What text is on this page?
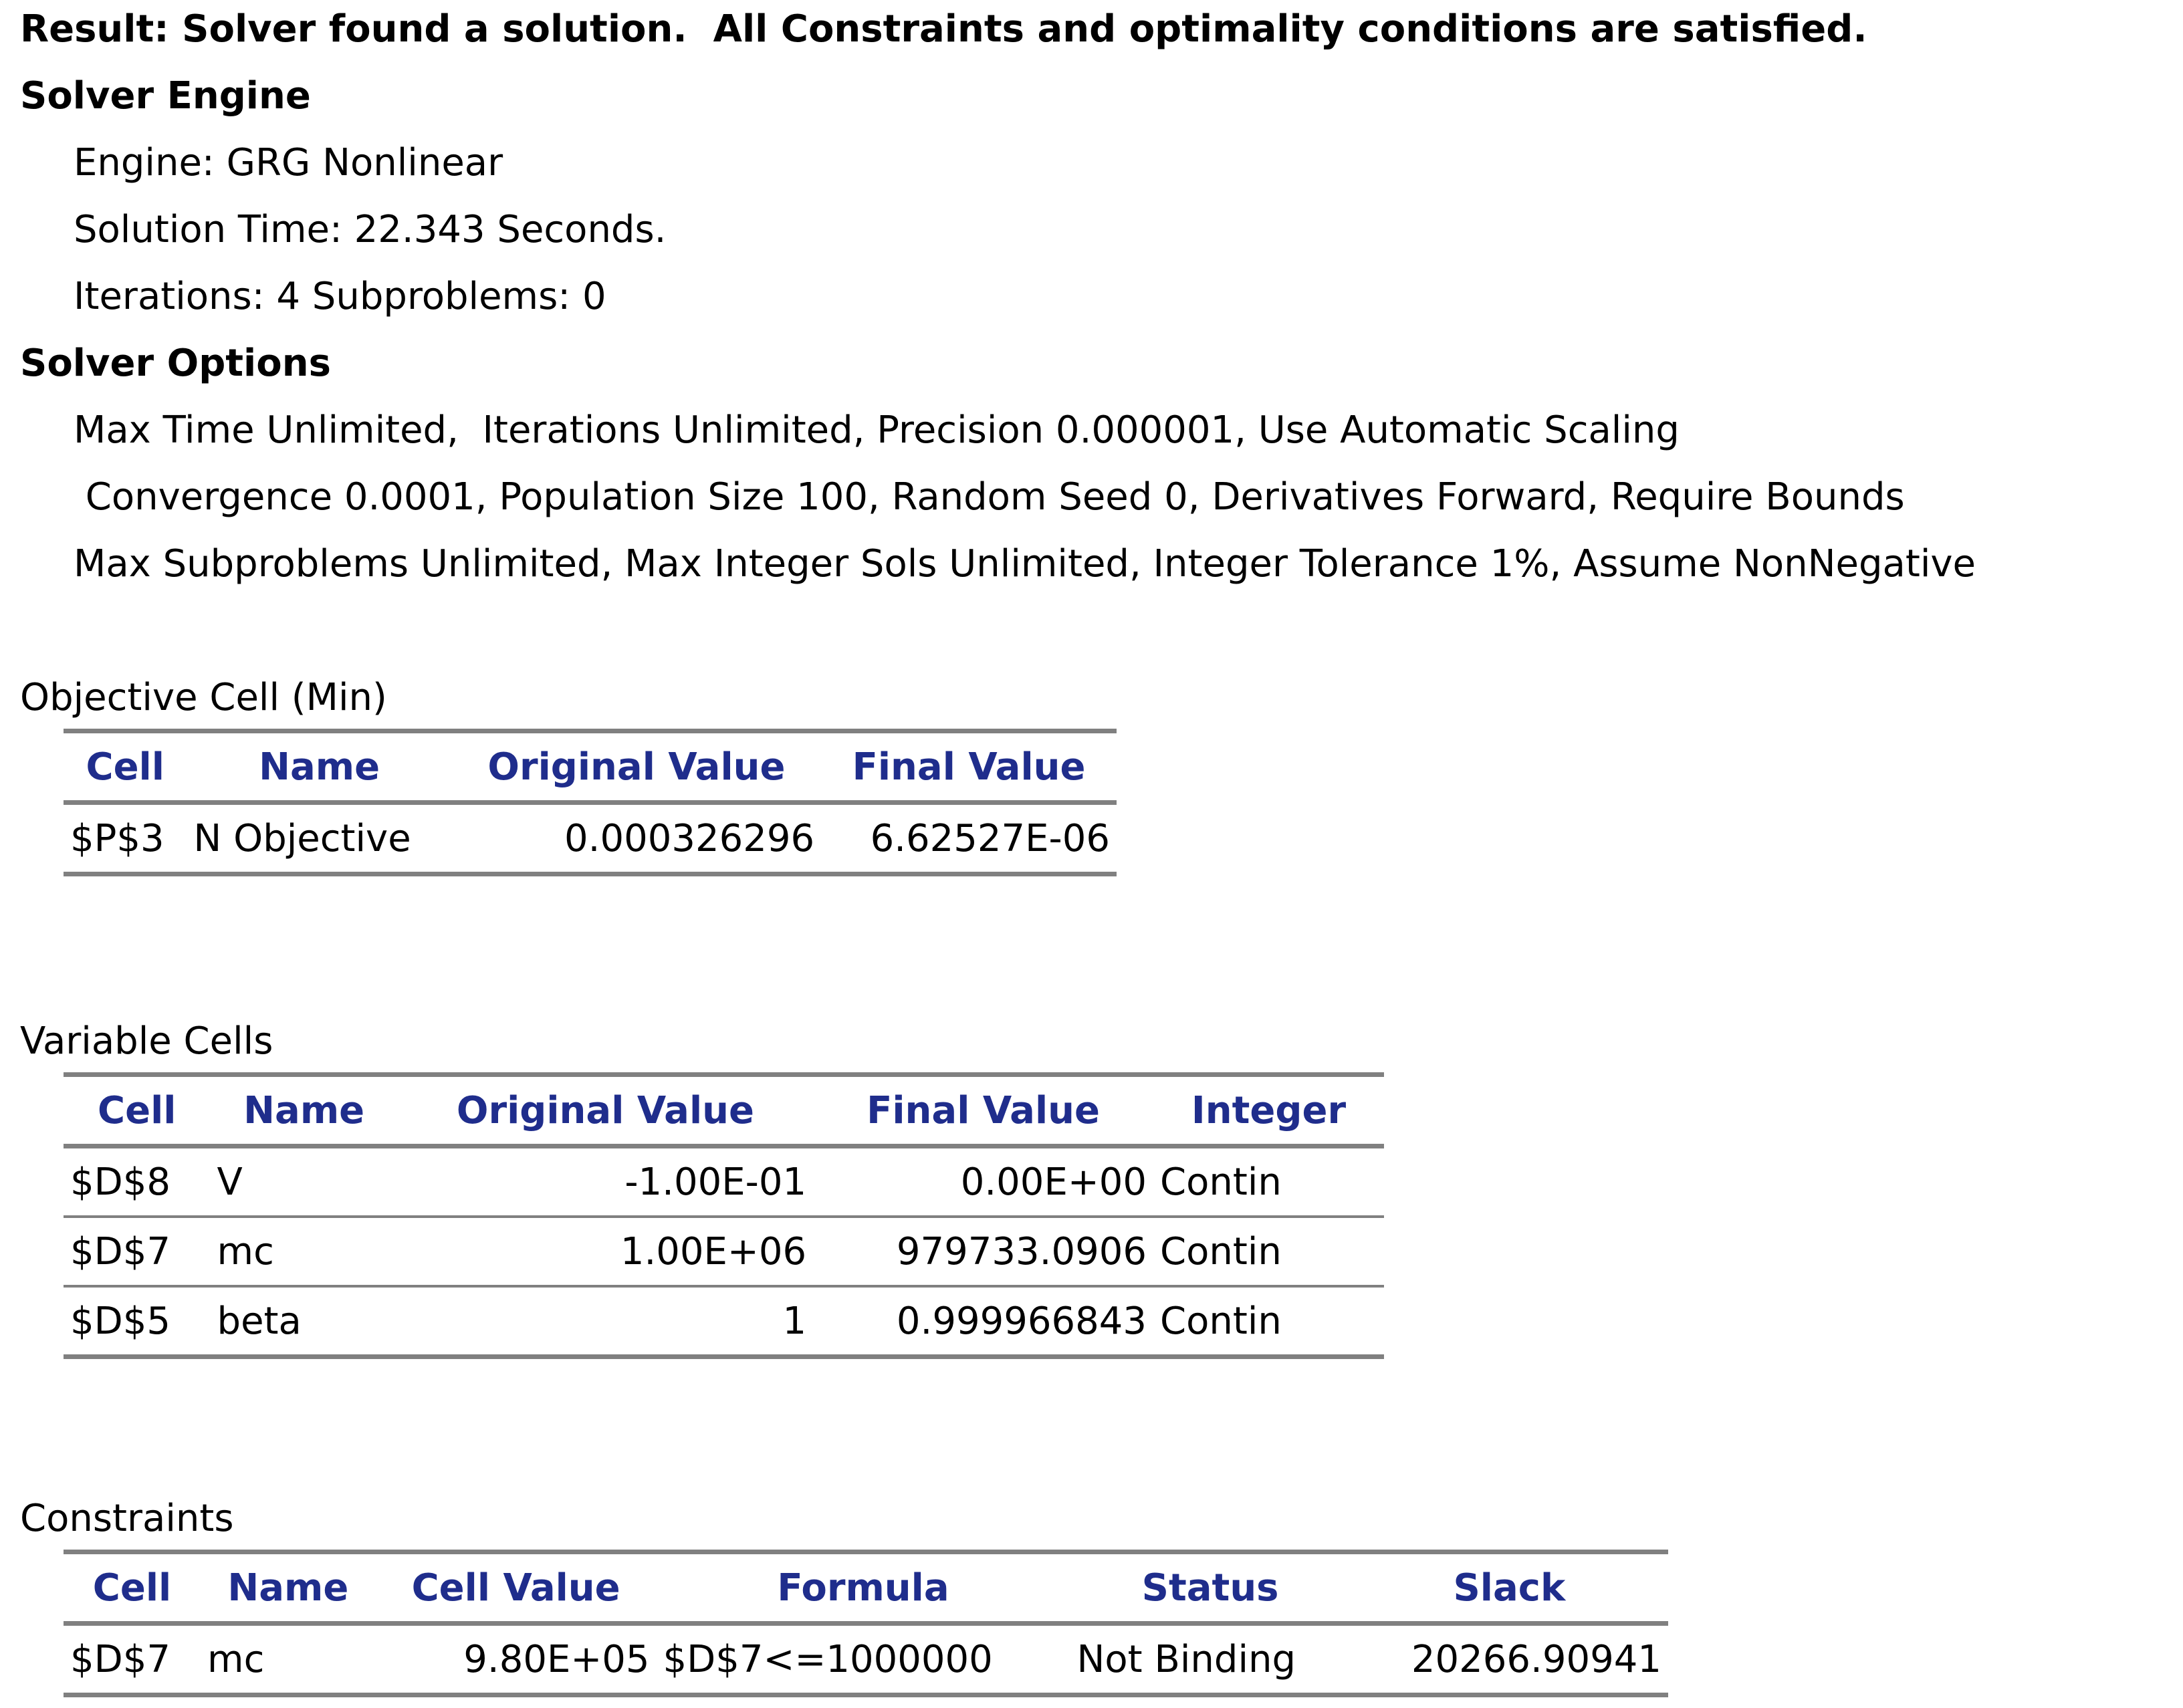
Result: Solver found a solution.  All Constraints and optimality conditions are satisfied.
Solver Engine
Engine: GRG Nonlinear
Solution Time: 22.343 Seconds.
Iterations: 4 Subproblems: 0
Solver Options
Max Time Unlimited,  Iterations Unlimited, Precision 0.000001, Use Automatic Scaling
Convergence 0.0001, Population Size 100, Random Seed 0, Derivatives Forward, Require Bounds
Max Subproblems Unlimited, Max Integer Sols Unlimited, Integer Tolerance 1%, Assume NonNegative
Objective Cell (Min)
Cell	Name	Original Value	Final Value
$P$3	N Objective	0.000326296	6.62527E-06
Variable Cells
Cell	Name	Original Value	Final Value	Integer
$D$8	V	-1.00E-01	0.00E+00	Contin
$D$7	mc	1.00E+06	979733.0906	Contin
$D$5	beta	1	0.999966843	Contin
Constraints
Cell	Name	Cell Value	Formula	Status	Slack
$D$7	mc	9.80E+05	$D$7<=1000000	Not Binding	20266.90941
